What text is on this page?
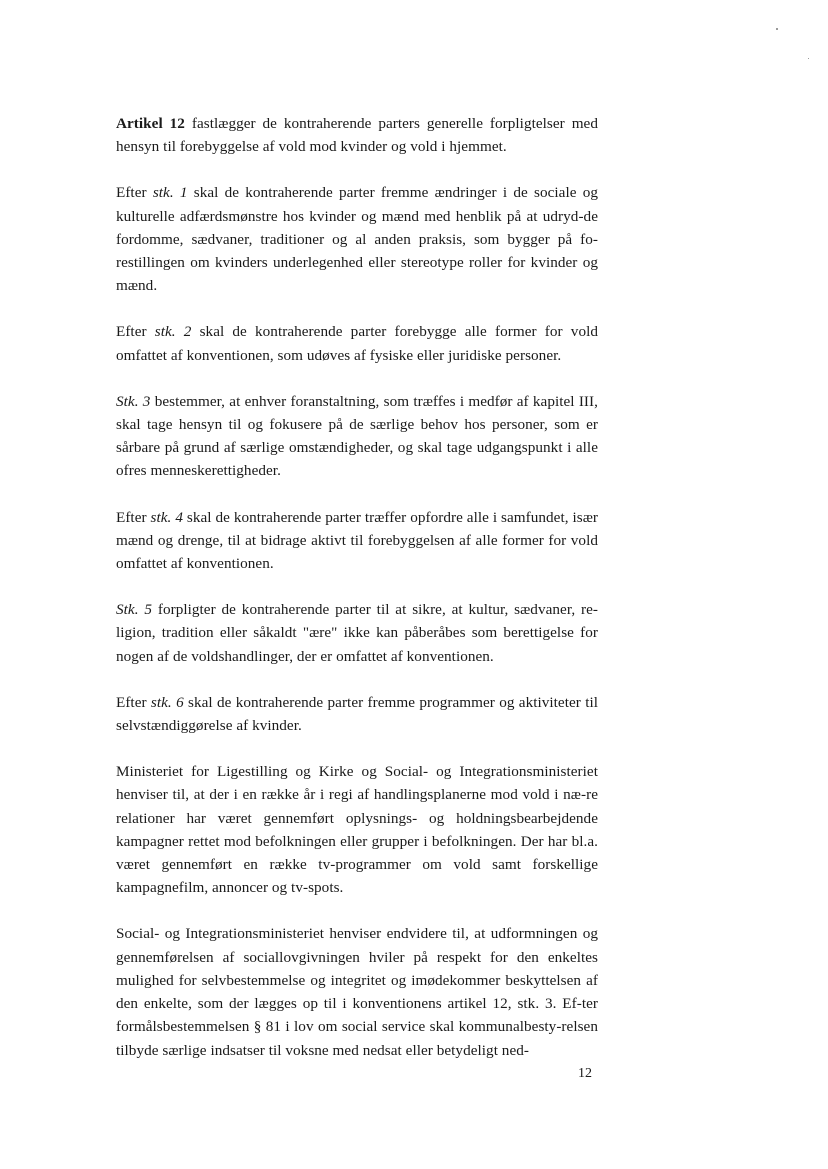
Artikel 12 fastlægger de kontraherende parters generelle forpligtelser med hensyn til forebyggelse af vold mod kvinder og vold i hjemmet.

Efter stk. 1 skal de kontraherende parter fremme ændringer i de sociale og kulturelle adfærdsmønstre hos kvinder og mænd med henblik på at udryd-de fordomme, sædvaner, traditioner og al anden praksis, som bygger på fo-restillingen om kvinders underlegenhed eller stereotype roller for kvinder og mænd.

Efter stk. 2 skal de kontraherende parter forebygge alle former for vold omfattet af konventionen, som udøves af fysiske eller juridiske personer.

Stk. 3 bestemmer, at enhver foranstaltning, som træffes i medfør af kapitel III, skal tage hensyn til og fokusere på de særlige behov hos personer, som er sårbare på grund af særlige omstændigheder, og skal tage udgangspunkt i alle ofres menneskerettigheder.

Efter stk. 4 skal de kontraherende parter træffer opfordre alle i samfundet, især mænd og drenge, til at bidrage aktivt til forebyggelsen af alle former for vold omfattet af konventionen.

Stk. 5 forpligter de kontraherende parter til at sikre, at kultur, sædvaner, re-ligion, tradition eller såkaldt "ære" ikke kan påberåbes som berettigelse for nogen af de voldshandlinger, der er omfattet af konventionen.

Efter stk. 6 skal de kontraherende parter fremme programmer og aktiviteter til selvstændiggørelse af kvinder.

Ministeriet for Ligestilling og Kirke og Social- og Integrationsministeriet henviser til, at der i en række år i regi af handlingsplanerne mod vold i næ-re relationer har været gennemført oplysnings- og holdningsbearbejdende kampagner rettet mod befolkningen eller grupper i befolkningen. Der har bl.a. været gennemført en række tv-programmer om vold samt forskellige kampagnefilm, annoncer og tv-spots.

Social- og Integrationsministeriet henviser endvidere til, at udformningen og gennemførelsen af sociallovgivningen hviler på respekt for den enkeltes mulighed for selvbestemmelse og integritet og imødekommer beskyttelsen af den enkelte, som der lægges op til i konventionens artikel 12, stk. 3. Ef-ter formålsbestemmelsen § 81 i lov om social service skal kommunalbesty-relsen tilbyde særlige indsatser til voksne med nedsat eller betydeligt ned-

12
